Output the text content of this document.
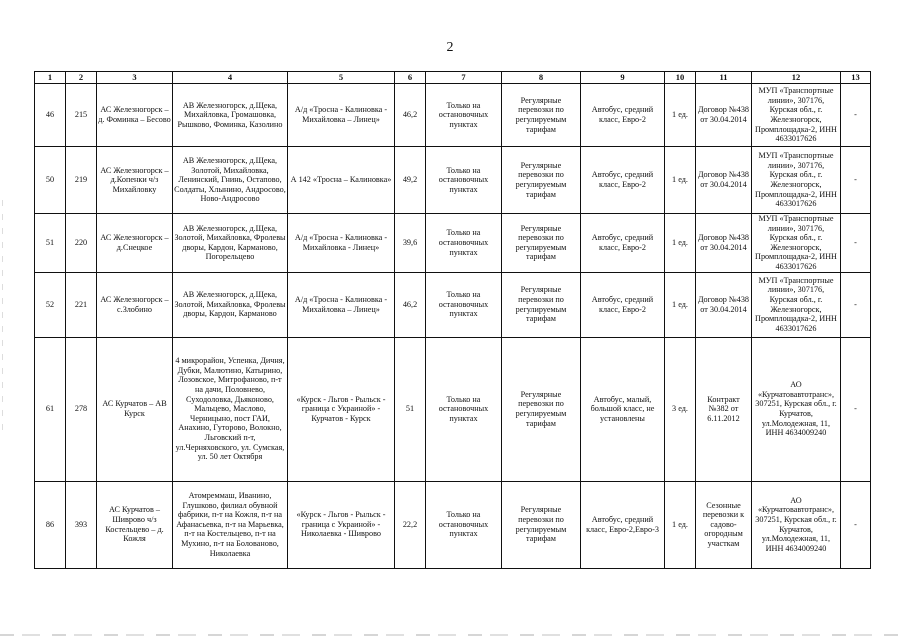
2
1	2	3	4	5	6	7	8	9	10	11	12	13
46	215	АС Железногорск – д. Фоминка – Бесово	АВ Железногорск, д.Щека, Михайловка, Громашовка, Рышково, Фоминка, Казолино	А/д «Тросна - Калиновка - Михайловка – Линец»	46,2	Только на остановочных пунктах	Регулярные перевозки по регулируемым тарифам	Автобус, средний класс, Евро-2	1 ед.	Договор №438 от 30.04.2014	МУП «Транспортные линии», 307176, Курская обл., г. Железногорск, Промплощадка-2, ИНН 4633017626	-
50	219	АС Железногорск – д.Копенки ч/з Михайловку	АВ Железногорск, д.Щека, Золотой, Михайловка, Ленинский, Гнинь, Остапово, Солдаты, Хлынино, Андросово, Ново-Андросово	А 142 «Тросна – Калиновка»	49,2	Только на остановочных пунктах	Регулярные перевозки по регулируемым тарифам	Автобус, средний класс, Евро-2	1 ед.	Договор №438 от 30.04.2014	МУП «Транспортные линии», 307176, Курская обл., г. Железногорск, Промплощадка-2, ИНН 4633017626	-
51	220	АС Железногорск – д.Снецкое	АВ Железногорск, д.Щека, Золотой, Михайловка, Фролевы дворы, Кардон, Карманово, Погорельцево	А/д «Тросна - Калиновка - Михайловка - Линец»	39,6	Только на остановочных пунктах	Регулярные перевозки по регулируемым тарифам	Автобус, средний класс, Евро-2	1 ед.	Договор №438 от 30.04.2014	МУП «Транспортные линии», 307176, Курская обл., г. Железногорск, Промплощадка-2, ИНН 4633017626	-
52	221	АС Железногорск – с.Злобино	АВ Железногорск, д.Щека, Золотой, Михайловка, Фролевы дворы, Кардон, Карманово	А/д «Тросна - Калиновка - Михайловка – Линец»	46,2	Только на остановочных пунктах	Регулярные перевозки по регулируемым тарифам	Автобус, средний класс, Евро-2	1 ед.	Договор №438 от 30.04.2014	МУП «Транспортные линии», 307176, Курская обл., г. Железногорск, Промплощадка-2, ИНН 4633017626	-
61	278	АС Курчатов – АВ Курск	4 микрорайон, Успенка, Дичня, Дубки, Малютино, Катырино, Лозовское, Митрофаново, п-т на дачи, Половнево, Суходоловка, Дьяконово, Мальцево, Маслово, Черницыно, пост ГАИ, Анахино, Гуторово, Волокно, Льговский п-т, ул.Черняховского, ул. Сумская, ул. 50 лет Октября	«Курск - Льгов - Рыльск - граница с Украиной» - Курчатов - Курск	51	Только на остановочных пунктах	Регулярные перевозки по регулируемым тарифам	Автобус, малый, большой класс, не установлены	3 ед.	Контракт №382 от 6.11.2012	АО «Курчатовавтотранс», 307251, Курская обл., г. Курчатов, ул.Молодежная, 11, ИНН 4634009240	-
86	393	АС Курчатов – Шиврово ч/з Костельцево – д. Кожля	Атомреммаш, Иванино, Глушково, филиал обувной фабрики, п-т на Кожля, п-т на Афанасьевка, п-т на Марьевка, п-т на Костельцево, п-т на Мухино, п-т на Болованово, Николаевка	«Курск - Льгов - Рыльск - граница с Украиной» - Николаевка - Шиврово	22,2	Только на остановочных пунктах	Регулярные перевозки по регулируемым тарифам	Автобус, средний класс, Евро-2,Евро-3	1 ед.	Сезонные перевозки к садово-огородным участкам	АО «Курчатовавтотранс», 307251, Курская обл., г. Курчатов, ул.Молодежная, 11, ИНН 4634009240	-
